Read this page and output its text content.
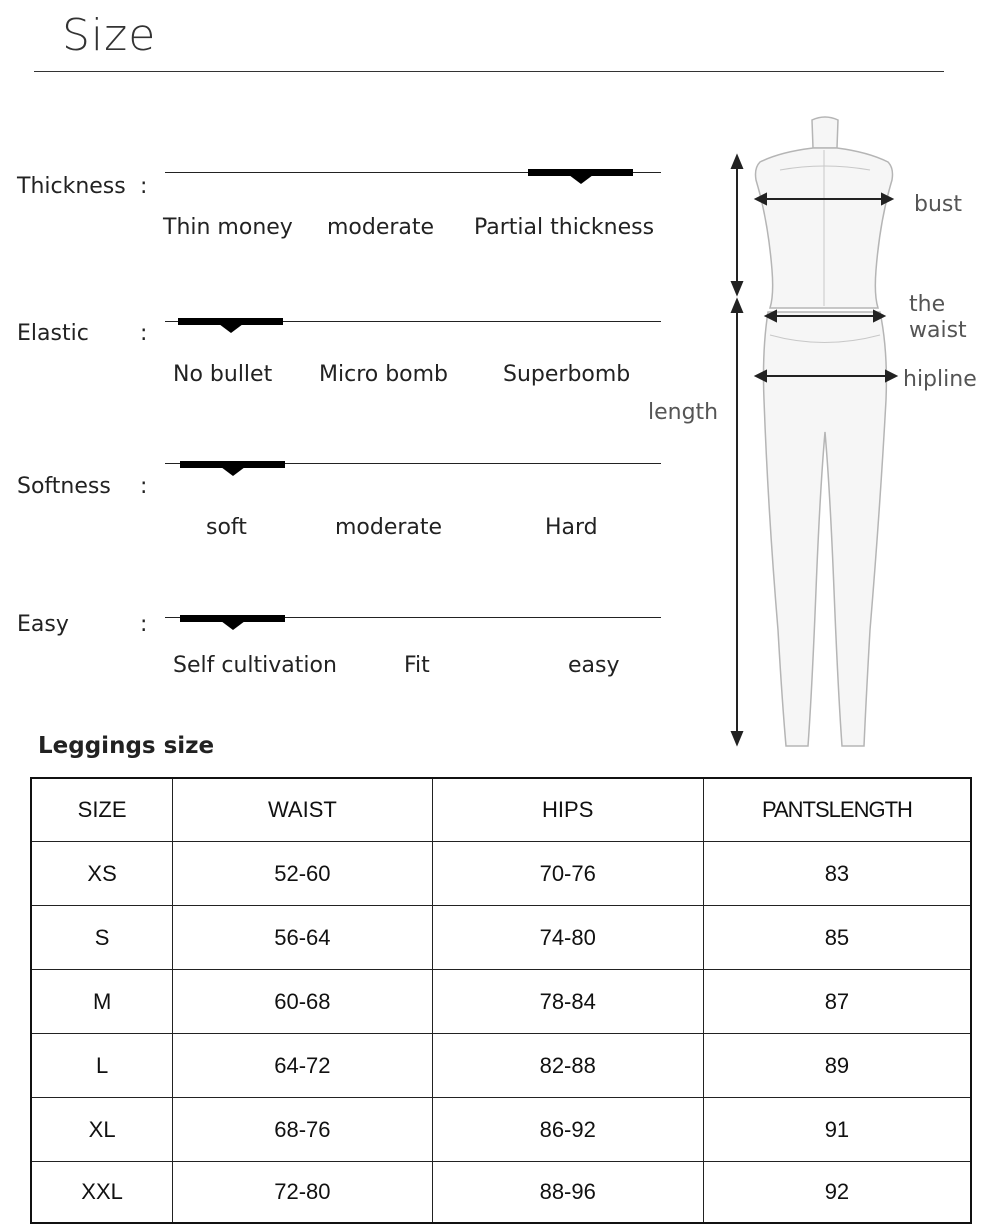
Size
Thickness :
Thin money moderate Partial thickness
Elastic :
No bullet Micro bomb Superbomb
Softness :
soft	moderate	Hard
Easy	:
Self cultivation	Fit	easy
bust
the
waist
hipline
length
Leggings size
SIZE	WAIST	HIPS	PANTSLENGTH
XS	52-60	70-76	83
S	56-64	74-80	85
M	60-68	78-84	87
L	64-72	82-88	89
XL	68-76	86-92	91
XXL	72-80	88-96	92
